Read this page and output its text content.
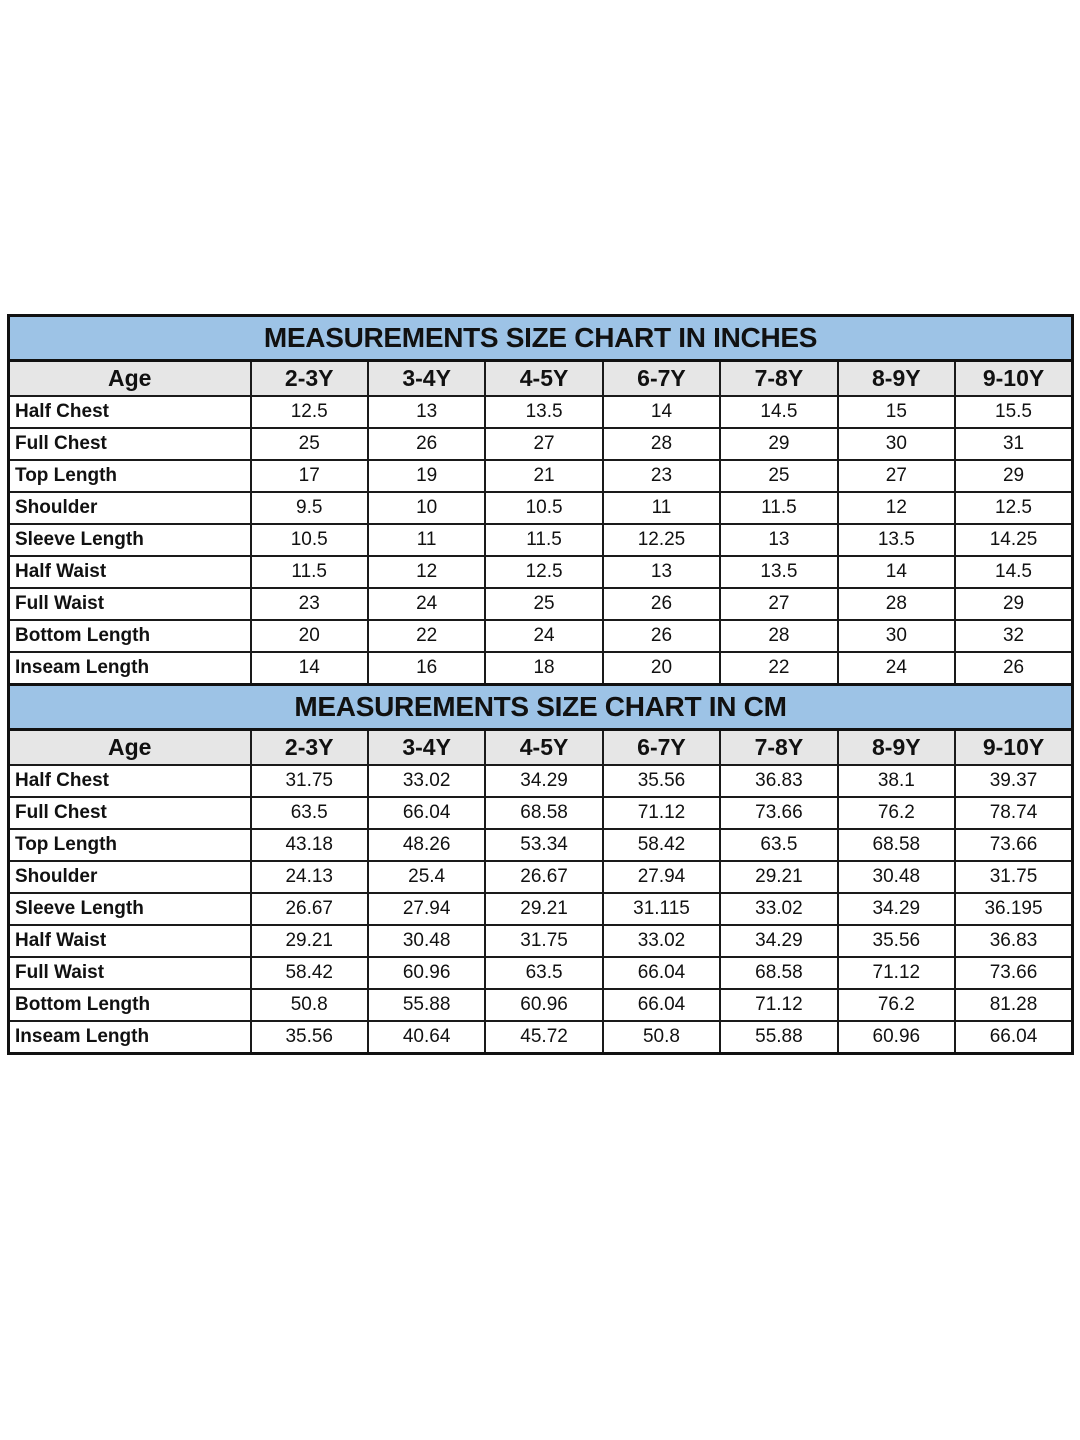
MEASUREMENTS SIZE CHART IN INCHES							
Age	2-3Y	3-4Y	4-5Y	6-7Y	7-8Y	8-9Y	9-10Y
Half Chest	12.5	13	13.5	14	14.5	15	15.5
Full Chest	25	26	27	28	29	30	31
Top Length	17	19	21	23	25	27	29
Shoulder	9.5	10	10.5	11	11.5	12	12.5
Sleeve Length	10.5	11	11.5	12.25	13	13.5	14.25
Half Waist	11.5	12	12.5	13	13.5	14	14.5
Full Waist	23	24	25	26	27	28	29
Bottom Length	20	22	24	26	28	30	32
Inseam Length	14	16	18	20	22	24	26
MEASUREMENTS SIZE CHART IN CM							
Age	2-3Y	3-4Y	4-5Y	6-7Y	7-8Y	8-9Y	9-10Y
Half Chest	31.75	33.02	34.29	35.56	36.83	38.1	39.37
Full Chest	63.5	66.04	68.58	71.12	73.66	76.2	78.74
Top Length	43.18	48.26	53.34	58.42	63.5	68.58	73.66
Shoulder	24.13	25.4	26.67	27.94	29.21	30.48	31.75
Sleeve Length	26.67	27.94	29.21	31.115	33.02	34.29	36.195
Half Waist	29.21	30.48	31.75	33.02	34.29	35.56	36.83
Full Waist	58.42	60.96	63.5	66.04	68.58	71.12	73.66
Bottom Length	50.8	55.88	60.96	66.04	71.12	76.2	81.28
Inseam Length	35.56	40.64	45.72	50.8	55.88	60.96	66.04
